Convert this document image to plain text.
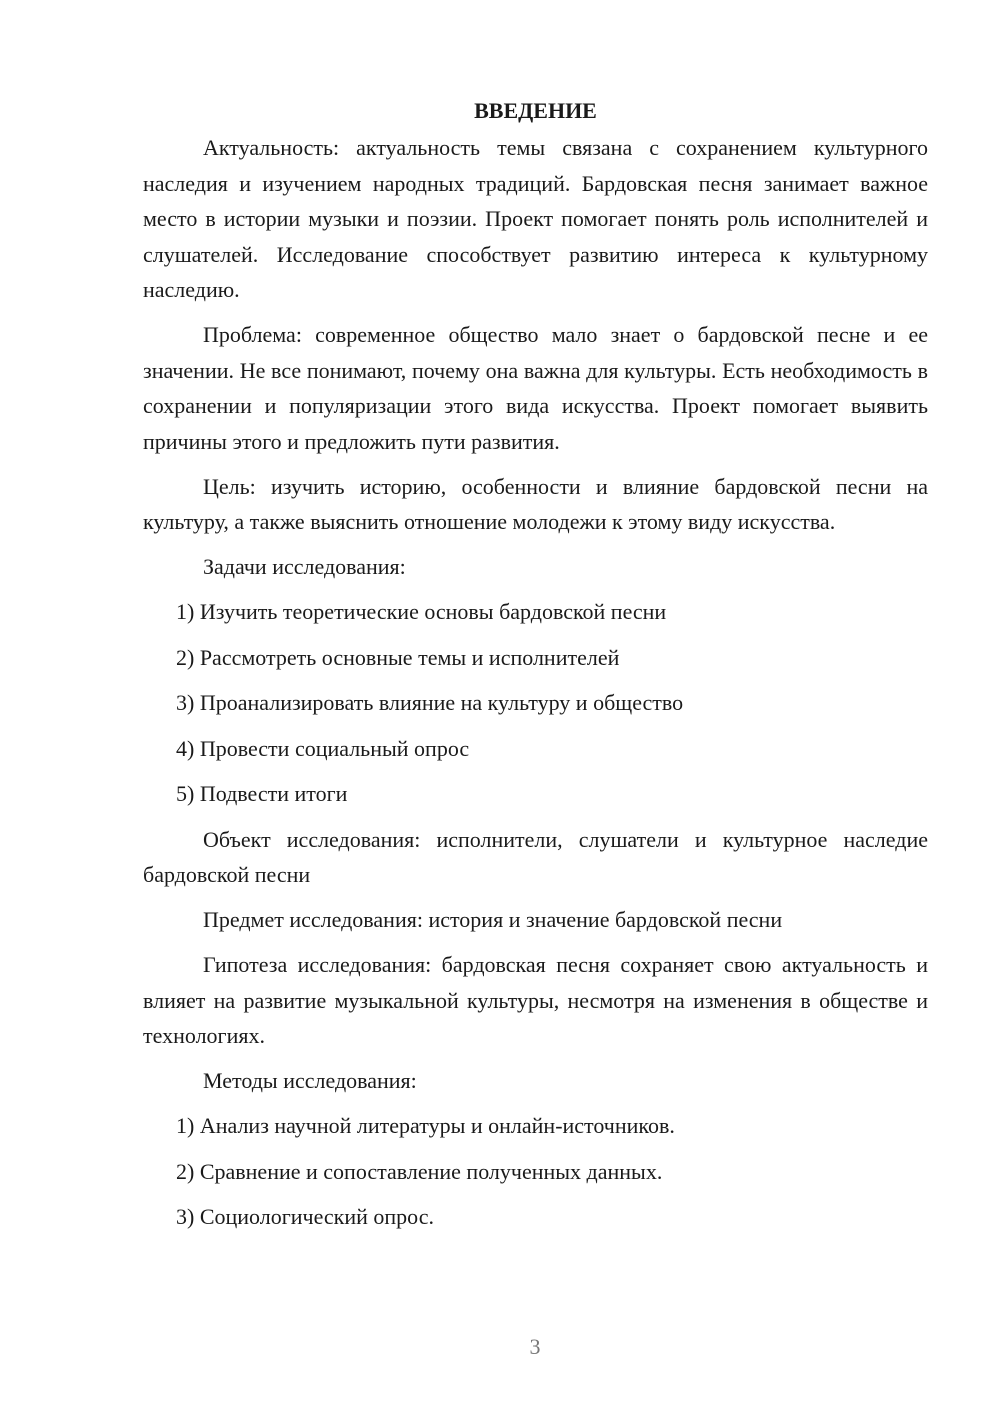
ВВЕДЕНИЕ

Актуальность: актуальность темы связана с сохранением культурного наследия и изучением народных традиций. Бардовская песня занимает важное место в истории музыки и поэзии. Проект помогает понять роль исполнителей и слушателей. Исследование способствует развитию интереса к культурному наследию.

Проблема: современное общество мало знает о бардовской песне и ее значении. Не все понимают, почему она важна для культуры. Есть необходимость в сохранении и популяризации этого вида искусства. Проект помогает выявить причины этого и предложить пути развития.

Цель: изучить историю, особенности и влияние бардовской песни на культуру, а также выяснить отношение молодежи к этому виду искусства.

Задачи исследования:

1) Изучить теоретические основы бардовской песни
2) Рассмотреть основные темы и исполнителей
3) Проанализировать влияние на культуру и общество
4) Провести социальный опрос
5) Подвести итоги

Объект исследования: исполнители, слушатели и культурное наследие бардовской песни

Предмет исследования: история и значение бардовской песни

Гипотеза исследования: бардовская песня сохраняет свою актуальность и влияет на развитие музыкальной культуры, несмотря на изменения в обществе и технологиях.

Методы исследования:

1) Анализ научной литературы и онлайн-источников.
2) Сравнение и сопоставление полученных данных.
3) Социологический опрос.
3
